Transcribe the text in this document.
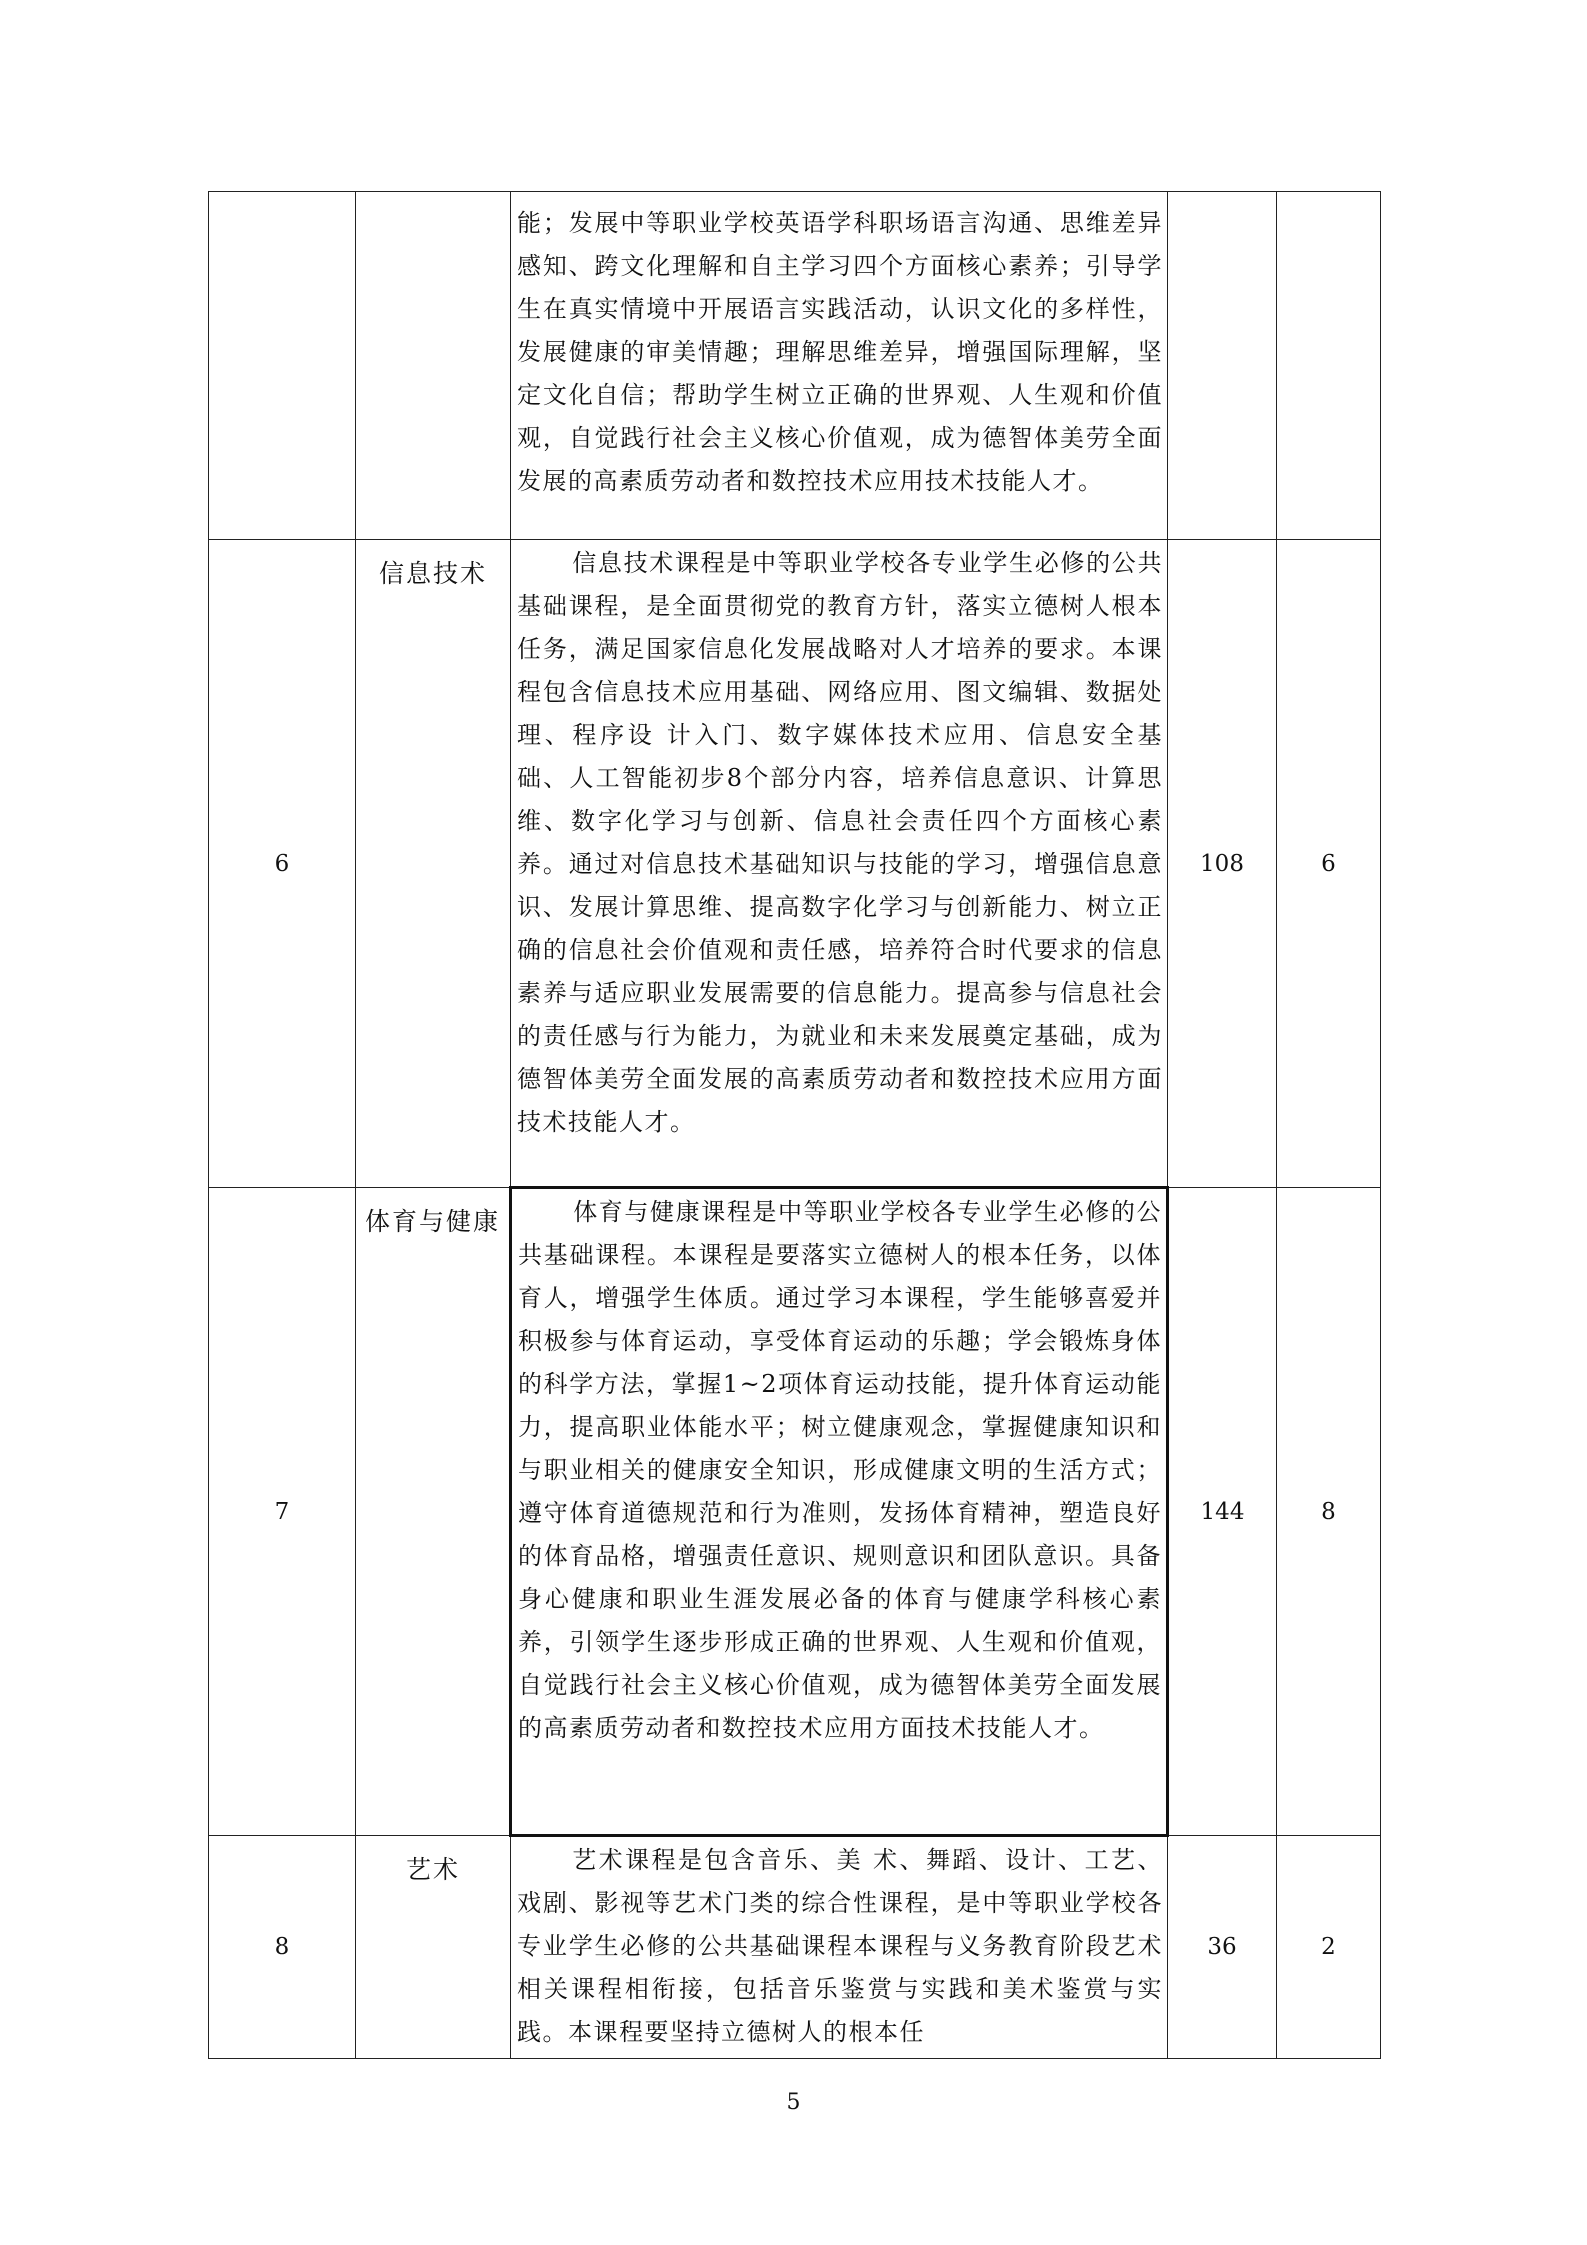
		能；发展中等职业学校英语学科职场语言沟通、思维差异感知、跨文化理解和自主学习四个方面核心素养；引导学生在真实情境中开展语言实践活动，认识文化的多样性，发展健康的审美情趣；理解思维差异，增强国际理解，坚定文化自信；帮助学生树立正确的世界观、人生观和价值观，自觉践行社会主义核心价值观，成为德智体美劳全面发展的高素质劳动者和数控技术应用技术技能人才。		

6	信息技术	信息技术课程是中等职业学校各专业学生必修的公共基础课程，是全面贯彻党的教育方针，落实立德树人根本任务，满足国家信息化发展战略对人才培养的要求。本课程包含信息技术应用基础、网络应用、图文编辑、数据处理、程序设 计入门、数字媒体技术应用、信息安全基础、人工智能初步8个部分内容，培养信息意识、计算思维、数字化学习与创新、信息社会责任四个方面核心素养。通过对信息技术基础知识与技能的学习，增强信息意识、发展计算思维、提高数字化学习与创新能力、树立正确的信息社会价值观和责任感，培养符合时代要求的信息素养与适应职业发展需要的信息能力。提高参与信息社会的责任感与行为能力，为就业和未来发展奠定基础，成为德智体美劳全面发展的高素质劳动者和数控技术应用方面技术技能人才。	108	6
7	体育与健康	体育与健康课程是中等职业学校各专业学生必修的公共基础课程。本课程是要落实立德树人的根本任务，以体育人，增强学生体质。通过学习本课程，学生能够喜爱并积极参与体育运动，享受体育运动的乐趣；学会锻炼身体的科学方法，掌握1~2项体育运动技能，提升体育运动能力，提高职业体能水平；树立健康观念，掌握健康知识和与职业相关的健康安全知识，形成健康文明的生活方式；遵守体育道德规范和行为准则，发扬体育精神，塑造良好的体育品格，增强责任意识、规则意识和团队意识。具备身心健康和职业生涯发展必备的体育与健康学科核心素养，引领学生逐步形成正确的世界观、人生观和价值观，自觉践行社会主义核心价值观，成为德智体美劳全面发展的高素质劳动者和数控技术应用方面技术技能人才。	144	8
8	艺术	艺术课程是包含音乐、美 术、舞蹈、设计、工艺、戏剧、影视等艺术门类的综合性课程，是中等职业学校各专业学生必修的公共基础课程本课程与义务教育阶段艺术相关课程相衔接，包括音乐鉴赏与实践和美术鉴赏与实践。本课程要坚持立德树人的根本任	36	2
5
